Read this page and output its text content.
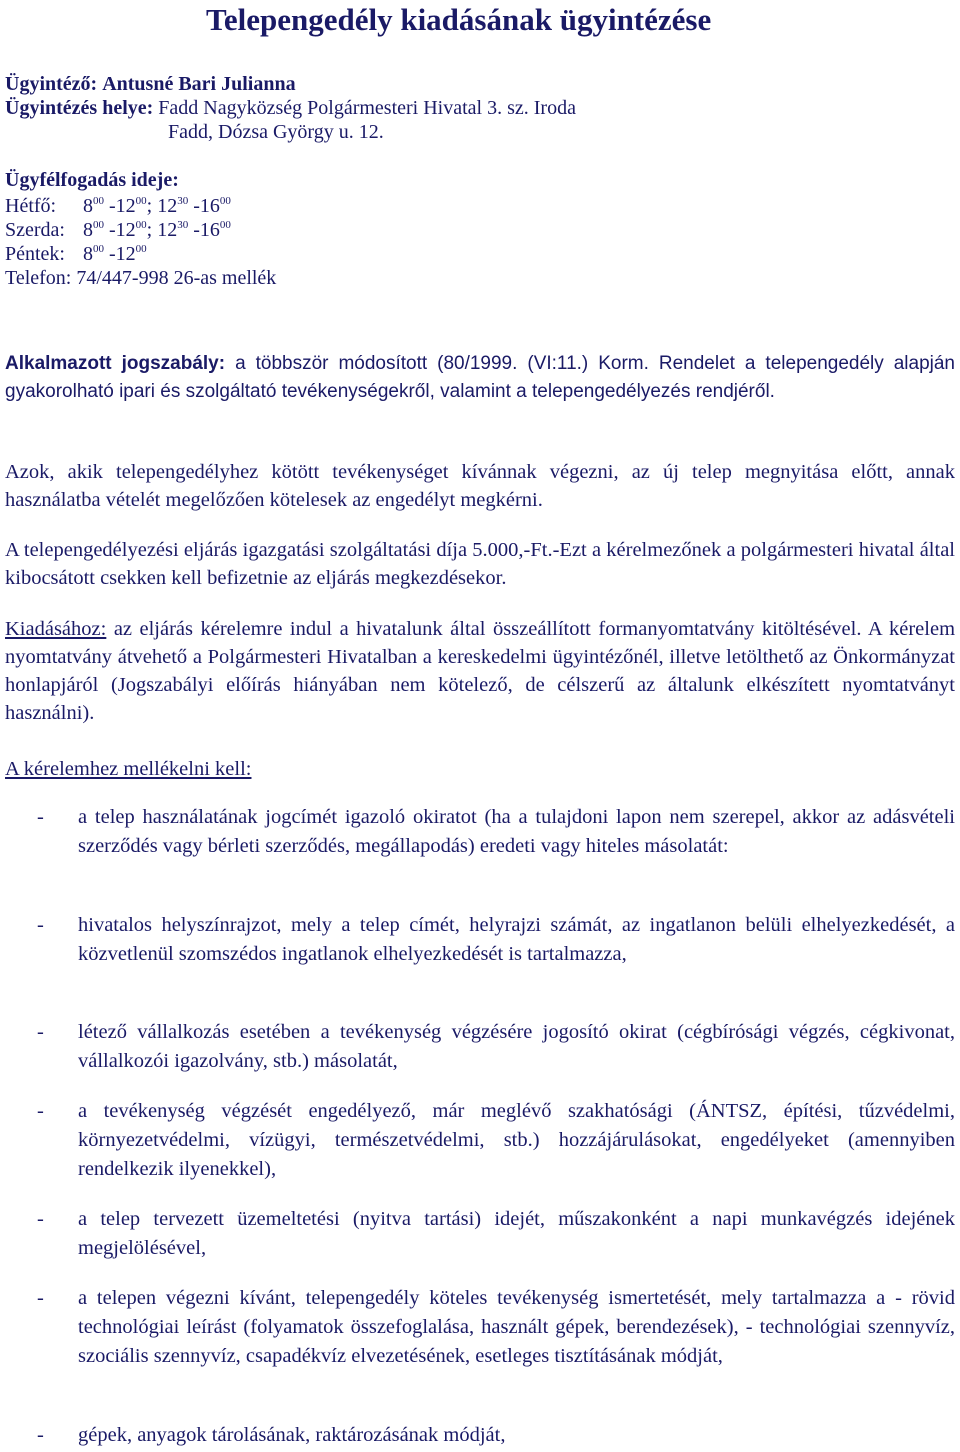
Telepengedély kiadásának ügyintézése
Ügyintéző: Antusné Bari Julianna
Ügyintézés helye: Fadd Nagyközség Polgármesteri Hivatal 3. sz. Iroda
Fadd, Dózsa György u. 12.
Ügyfélfogadás ideje:
Hétfő: $8^{00}$ $-12^{00}$; $12^{30}$ $-16^{00}$
Szerda: $8^{00}$ $-12^{00}$; $12^{30}$ $-16^{00}$
Péntek: $8^{00}$ $-12^{00}$
Telefon: 74/447-998 26-as mellék

Alkalmazott jogszabály: a többször módosított (80/1999. (VI:11.) Korm. Rendelet a telepengedély alapján gyakorolható ipari és szolgáltató tevékenységekről, valamint a telepengedélyezés rendjéről.

Azok, akik telepengedélyhez kötött tevékenységet kívánnak végezni, az új telep megnyitása előtt, annak használatba vételét megelőzően kötelesek az engedélyt megkérni.

A telepengedélyezési eljárás igazgatási szolgáltatási díja 5.000,-Ft.-Ezt a kérelmezőnek a polgármesteri hivatal által kibocsátott csekken kell befizetnie az eljárás megkezdésekor.

Kiadásához: az eljárás kérelemre indul a hivatalunk által összeállított formanyomtatvány kitöltésével. A kérelem nyomtatvány átvehető a Polgármesteri Hivatalban a kereskedelmi ügyintézőnél, illetve letölthető az Önkormányzat honlapjáról (Jogszabályi előírás hiányában nem kötelező, de célszerű az általunk elkészített nyomtatványt használni).

A kérelemhez mellékelni kell:
- a telep használatának jogcímét igazoló okiratot (ha a tulajdoni lapon nem szerepel, akkor az adásvételi szerződés vagy bérleti szerződés, megállapodás) eredeti vagy hiteles másolatát:
- hivatalos helyszínrajzot, mely a telep címét, helyrajzi számát, az ingatlanon belüli elhelyezkedését, a közvetlenül szomszédos ingatlanok elhelyezkedését is tartalmazza,
- létező vállalkozás esetében a tevékenység végzésére jogosító okirat (cégbírósági végzés, cégkivonat, vállalkozói igazolvány, stb.) másolatát,
- a tevékenység végzését engedélyező, már meglévő szakhatósági (ÁNTSZ, építési, tűzvédelmi, környezetvédelmi, vízügyi, természetvédelmi, stb.) hozzájárulásokat, engedélyeket (amennyiben rendelkezik ilyenekkel),
- a telep tervezett üzemeltetési (nyitva tartási) idejét, műszakonként a napi munkavégzés idejének megjelölésével,
- a telepen végezni kívánt, telepengedély köteles tevékenység ismertetését, mely tartalmazza a - rövid technológiai leírást (folyamatok összefoglalása, használt gépek, berendezések), - technológiai szennyvíz, szociális szennyvíz, csapadékvíz elvezetésének, esetleges tisztításának módját,
- gépek, anyagok tárolásának, raktározásának módját,
